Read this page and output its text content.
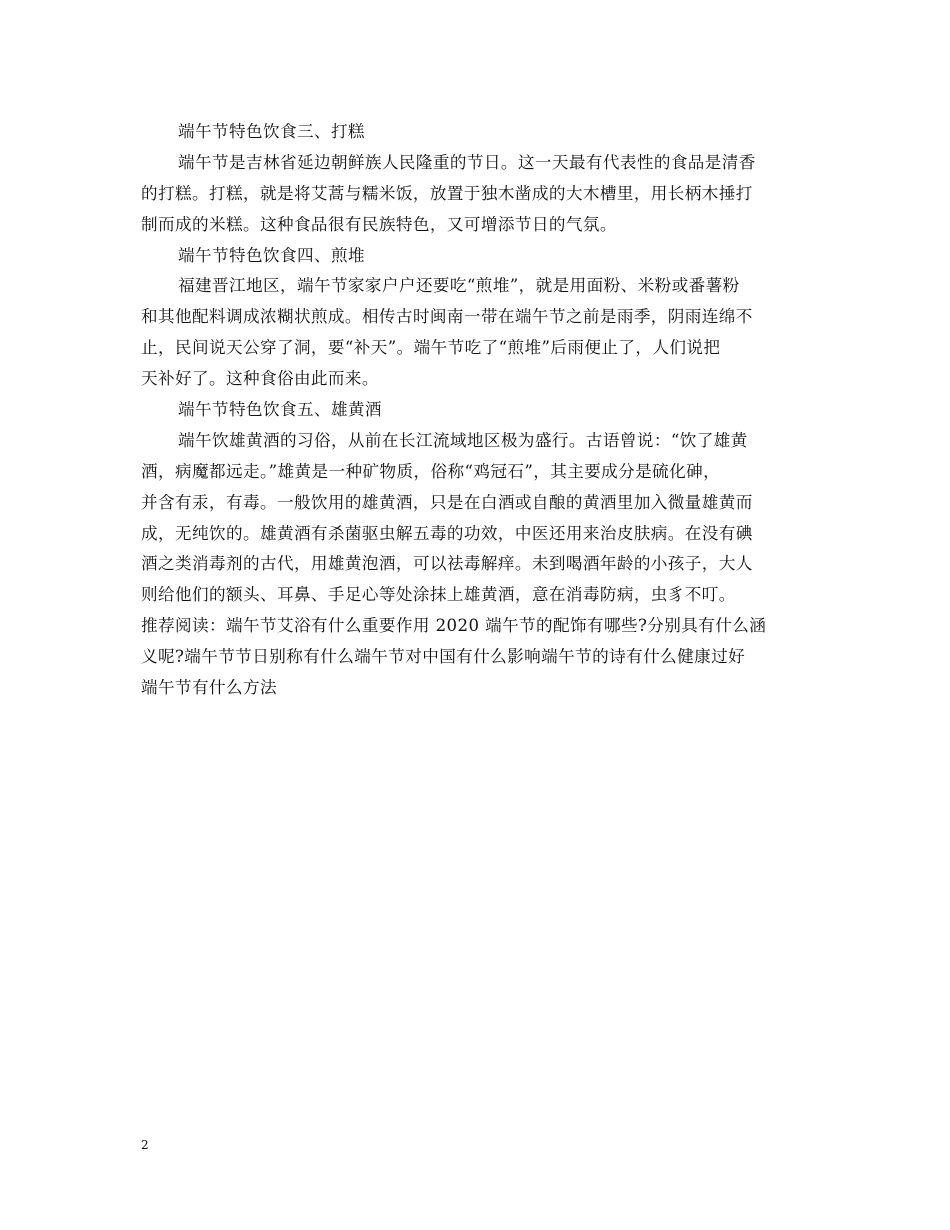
端午节特色饮食三、打糕
端午节是吉林省延边朝鲜族人民隆重的节日。这一天最有代表性的食品是清香
的打糕。打糕，就是将艾蒿与糯米饭，放置于独木凿成的大木槽里，用长柄木捶打
制而成的米糕。这种食品很有民族特色，又可增添节日的气氛。
端午节特色饮食四、煎堆
福建晋江地区，端午节家家户户还要吃“煎堆”，就是用面粉、米粉或番薯粉
和其他配料调成浓糊状煎成。相传古时闽南一带在端午节之前是雨季，阴雨连绵不
止，民间说天公穿了洞，要“补天”。端午节吃了“煎堆”后雨便止了，人们说把
天补好了。这种食俗由此而来。
端午节特色饮食五、雄黄酒
端午饮雄黄酒的习俗，从前在长江流域地区极为盛行。古语曾说：“饮了雄黄
酒，病魔都远走。”雄黄是一种矿物质，俗称“鸡冠石”，其主要成分是硫化砷，
并含有汞，有毒。一般饮用的雄黄酒，只是在白酒或自酿的黄酒里加入微量雄黄而
成，无纯饮的。雄黄酒有杀菌驱虫解五毒的功效，中医还用来治皮肤病。在没有碘
酒之类消毒剂的古代，用雄黄泡酒，可以祛毒解痒。未到喝酒年龄的小孩子，大人
则给他们的额头、耳鼻、手足心等处涂抹上雄黄酒，意在消毒防病，虫豸不叮。
推荐阅读：端午节艾浴有什么重要作用 2020 端午节的配饰有哪些?分别具有什么涵
义呢?端午节节日别称有什么端午节对中国有什么影响端午节的诗有什么健康过好
端午节有什么方法
2
